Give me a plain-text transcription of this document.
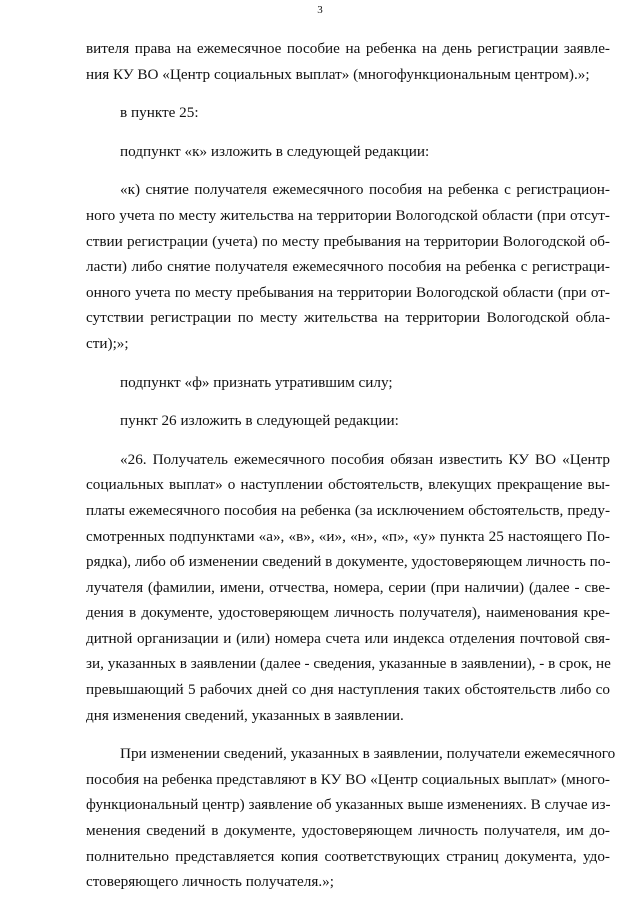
3
вителя права на ежемесячное пособие на ребенка на день регистрации заявле-
ния КУ ВО «Центр социальных выплат» (многофункциональным центром).»;
в пункте 25:
подпункт «к» изложить в следующей редакции:
«к) снятие получателя ежемесячного пособия на ребенка с регистрацион-
ного учета по месту жительства на территории Вологодской области (при отсут-
ствии регистрации (учета) по месту пребывания на территории Вологодской об-
ласти) либо снятие получателя ежемесячного пособия на ребенка с регистраци-
онного учета по месту пребывания на территории Вологодской области (при от-
сутствии регистрации по месту жительства на территории Вологодской обла-
сти);»;
подпункт «ф» признать утратившим силу;
пункт 26 изложить в следующей редакции:
«26. Получатель ежемесячного пособия обязан известить КУ ВО «Центр
социальных выплат» о наступлении обстоятельств, влекущих прекращение вы-
платы ежемесячного пособия на ребенка (за исключением обстоятельств, преду-
смотренных подпунктами «а», «в», «и», «н», «п», «у» пункта 25 настоящего По-
рядка), либо об изменении сведений в документе, удостоверяющем личность по-
лучателя (фамилии, имени, отчества, номера, серии (при наличии) (далее - све-
дения в документе, удостоверяющем личность получателя), наименования кре-
дитной организации и (или) номера счета или индекса отделения почтовой свя-
зи, указанных в заявлении (далее - сведения, указанные в заявлении), - в срок, не
превышающий 5 рабочих дней со дня наступления таких обстоятельств либо со
дня изменения сведений, указанных в заявлении.
При изменении сведений, указанных в заявлении, получатели ежемесячного
пособия на ребенка представляют в КУ ВО «Центр социальных выплат» (много-
функциональный центр) заявление об указанных выше изменениях. В случае из-
менения сведений в документе, удостоверяющем личность получателя, им до-
полнительно представляется копия соответствующих страниц документа, удо-
стоверяющего личность получателя.»;
